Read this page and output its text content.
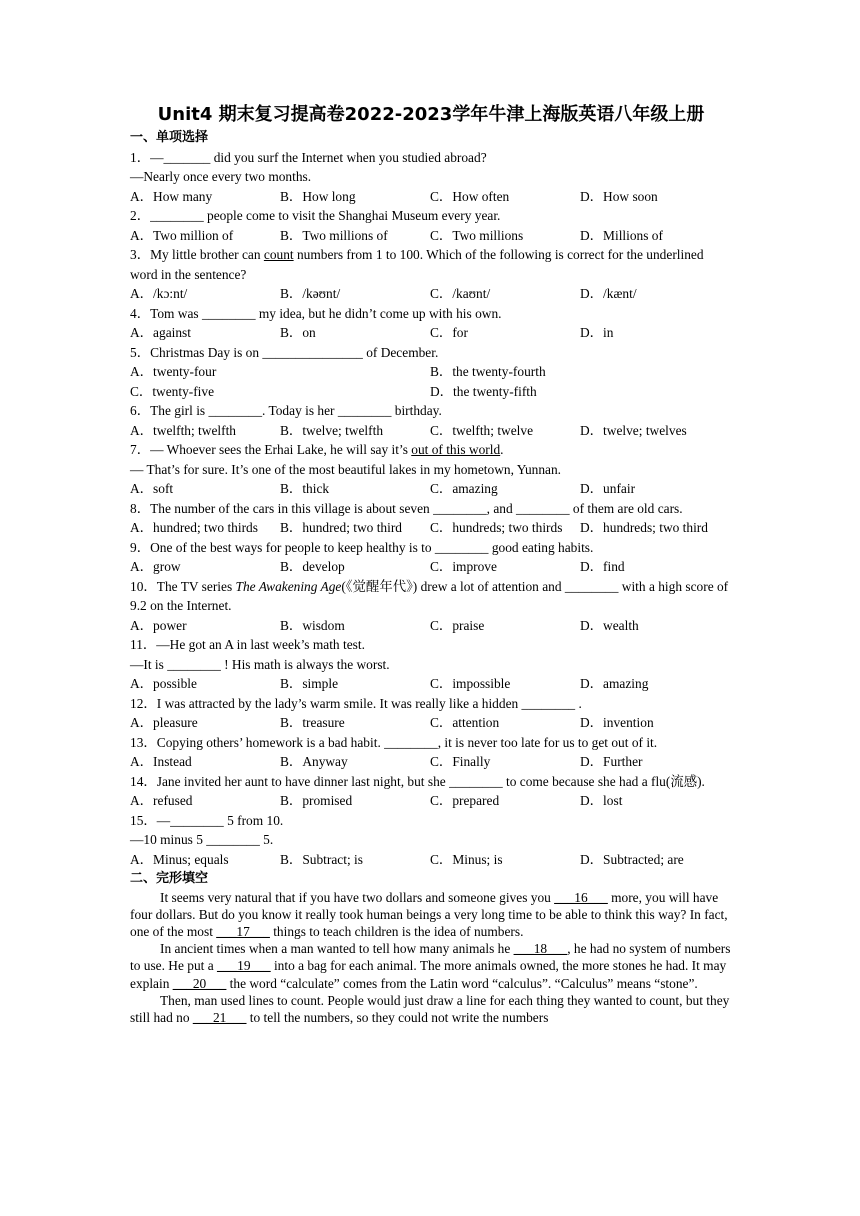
Unit4 期末复习提高卷2022-2023学年牛津上海版英语八年级上册

一、单项选择

1．—_______ did you surf the Internet when you studied abroad?

—Nearly once every two months.

A．How many	B．How long	C．How often	D．How soon

2．________ people come to visit the Shanghai Museum every year.

A．Two million of	B．Two millions of	C．Two millions	D．Millions of

3．My little brother can count numbers from 1 to 100. Which of the following is correct for the underlined word in the sentence?

A．/kɔ:nt/	B．/kəʊnt/	C．/kaʊnt/	D．/kænt/

4．Tom was ________ my idea, but he didn’t come up with his own.

A．against	B．on	C．for	D．in

5．Christmas Day is on _______________ of December.

A．twenty-four	B．the twenty-fourth
C．twenty-five	D．the twenty-fifth

6．The girl is ________. Today is her ________ birthday.

A．twelfth; twelfth	B．twelve; twelfth	C．twelfth; twelve	D．twelve; twelves

7．— Whoever sees the Erhai Lake, he will say it’s out of this world.

— That’s for sure. It’s one of the most beautiful lakes in my hometown, Yunnan.

A．soft	B．thick	C．amazing	D．unfair

8．The number of the cars in this village is about seven ________, and ________ of them are old cars.

A．hundred; two thirds	B．hundred; two third	C．hundreds; two thirds	D．hundreds; two third

9．One of the best ways for people to keep healthy is to ________ good eating habits.

A．grow	B．develop	C．improve	D．find

10．The TV series The Awakening Age(《觉醒年代》) drew a lot of attention and ________ with a high score of 9.2 on the Internet.

A．power	B．wisdom	C．praise	D．wealth

11．—He got an A in last week’s math test.

—It is ________ ! His math is always the worst.

A．possible	B．simple	C．impossible	D．amazing

12．I was attracted by the lady’s warm smile. It was really like a hidden ________ .

A．pleasure	B．treasure	C．attention	D．invention

13．Copying others’ homework is a bad habit. ________, it is never too late for us to get out of it.

A．Instead	B．Anyway	C．Finally	D．Further

14．Jane invited her aunt to have dinner last night, but she ________ to come because she had a flu(流感).

A．refused	B．promised	C．prepared	D．lost

15．—________ 5 from 10.

—10 minus 5 ________ 5.

A．Minus; equals	B．Subtract; is	C．Minus; is	D．Subtracted; are

二、完形填空

It seems very natural that if you have two dollars and someone gives you ___16___ more, you will have four dollars. But do you know it really took human beings a very long time to be able to think this way? In fact, one of the most ___17___ things to teach children is the idea of numbers.

In ancient times when a man wanted to tell how many animals he ___18___, he had no system of numbers to use. He put a ___19___ into a bag for each animal. The more animals owned, the more stones he had. It may explain ___20___ the word “calculate” comes from the Latin word “calculus”. “Calculus” means “stone”.

Then, man used lines to count. People would just draw a line for each thing they wanted to count, but they still had no ___21___ to tell the numbers, so they could not write the numbers
